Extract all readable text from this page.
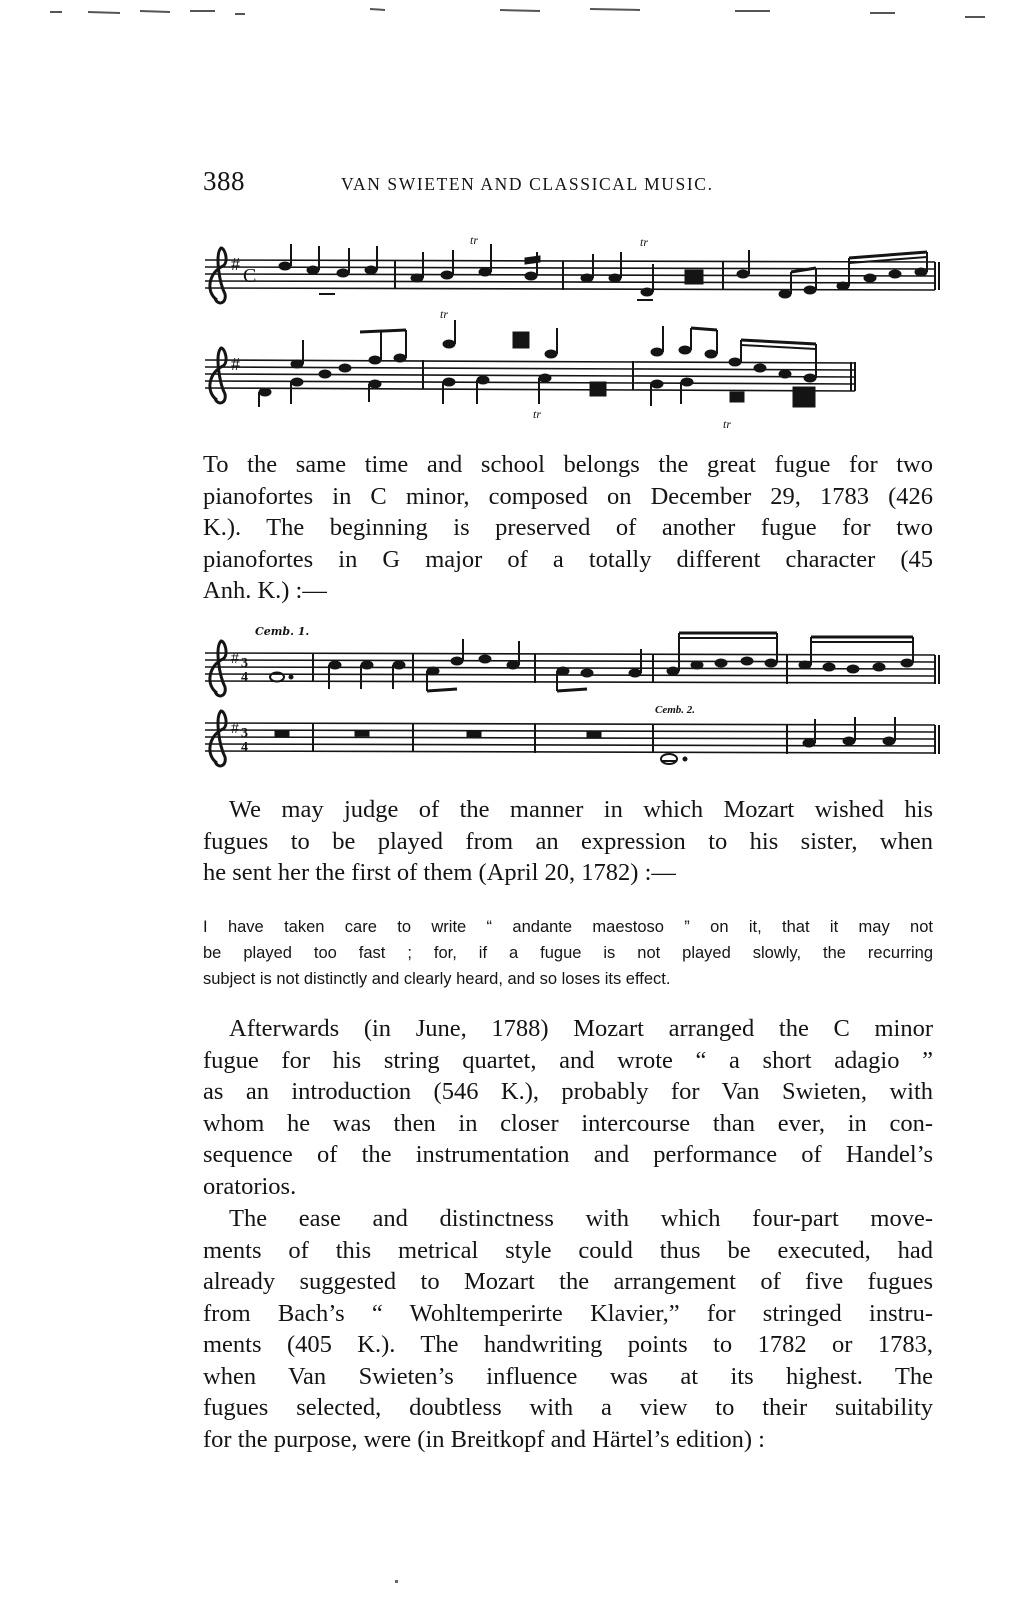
388	VAN SWIETEN AND CLASSICAL MUSIC.
#
C
tr	tr
#
tr
tr
tr

To the same time and school belongs the great fugue for two
pianofortes in C minor, composed on December 29, 1783 (426
K.). The beginning is preserved of another fugue for two
pianofortes in G major of a totally different character (45
Anh. K.) :—

Cemb. 1.
# 3
4
Cemb. 2.
# 3
4

We may judge of the manner in which Mozart wished his
fugues to be played from an expression to his sister, when
he sent her the first of them (April 20, 1782) :—

I have taken care to write “ andante maestoso ” on it, that it may not
be played too fast ; for, if a fugue is not played slowly, the recurring
subject is not distinctly and clearly heard, and so loses its effect.

Afterwards (in June, 1788) Mozart arranged the C minor
fugue for his string quartet, and wrote “ a short adagio ”
as an introduction (546 K.), probably for Van Swieten, with
whom he was then in closer intercourse than ever, in con-
sequence of the instrumentation and performance of Handel’s
oratorios.

The ease and distinctness with which four-part move-
ments of this metrical style could thus be executed, had
already suggested to Mozart the arrangement of five fugues
from Bach’s “ Wohltemperirte Klavier,” for stringed instru-
ments (405 K.). The handwriting points to 1782 or 1783,
when Van Swieten’s influence was at its highest. The
fugues selected, doubtless with a view to their suitability
for the purpose, were (in Breitkopf and Härtel’s edition) :
